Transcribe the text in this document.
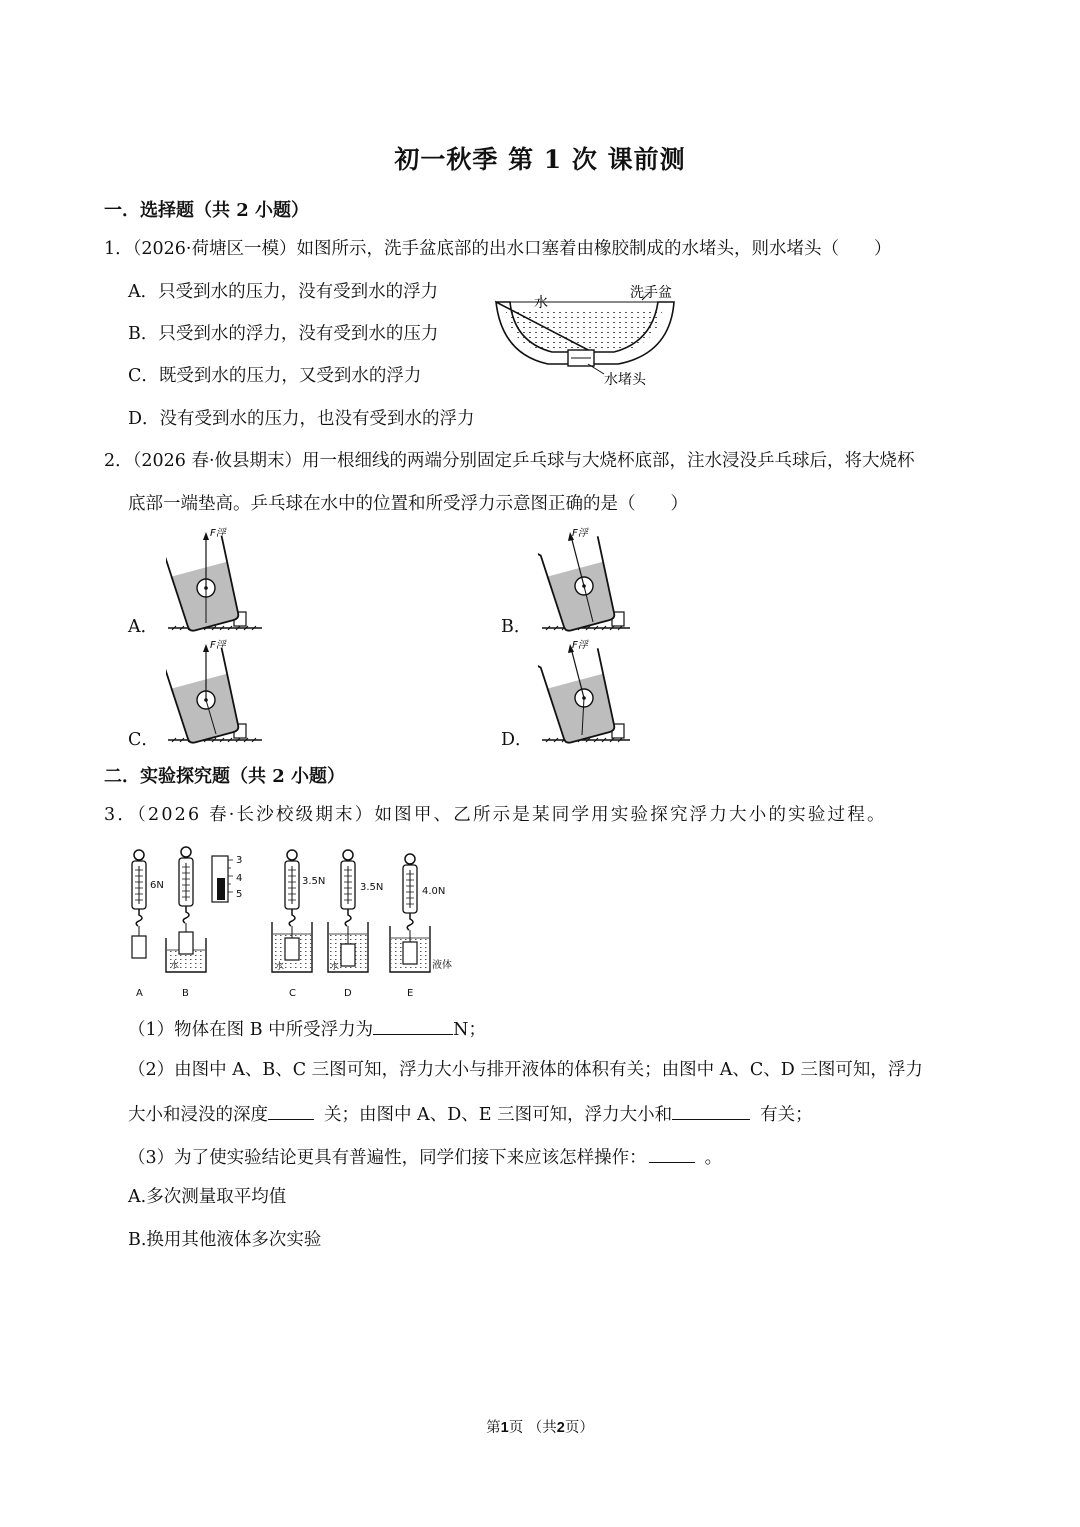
初一秋季 第 1 次 课前测
一．选择题（共 2 小题）
1．（2026·荷塘区一模）如图所示，洗手盆底部的出水口塞着由橡胶制成的水堵头，则水堵头（　　）
A．只受到水的压力，没有受到水的浮力
B．只受到水的浮力，没有受到水的压力
C．既受到水的压力，又受到水的浮力
D．没有受到水的压力，也没有受到水的浮力
水
洗手盆
水堵头
2．（2026 春·攸县期末）用一根细线的两端分别固定乒乓球与大烧杯底部，注水浸没乒乓球后，将大烧杯
底部一端垫高。乒乓球在水中的位置和所受浮力示意图正确的是（　　）
A．	B．
C．	D．
F浮	F浮
F浮	F浮
二．实验探究题（共 2 小题）
3．（2026 春·长沙校级期末）如图甲、乙所示是某同学用实验探究浮力大小的实验过程。
6N
3
4
5
水
3.5N
水
3.5N
水
4.0N
液体
A	B	C	D	E
（1）物体在图 B 中所受浮力为	N；
（2）由图中 A、B、C 三图可知，浮力大小与排开液体的体积有关；由图中 A、C、D 三图可知，浮力
大小和浸没的深度	关；由图中 A、D、E 三图可知，浮力大小和	有关；
（3）为了使实验结论更具有普遍性，同学们接下来应该怎样操作：	。
A.多次测量取平均值
B.换用其他液体多次实验
第1页 （共2页）
